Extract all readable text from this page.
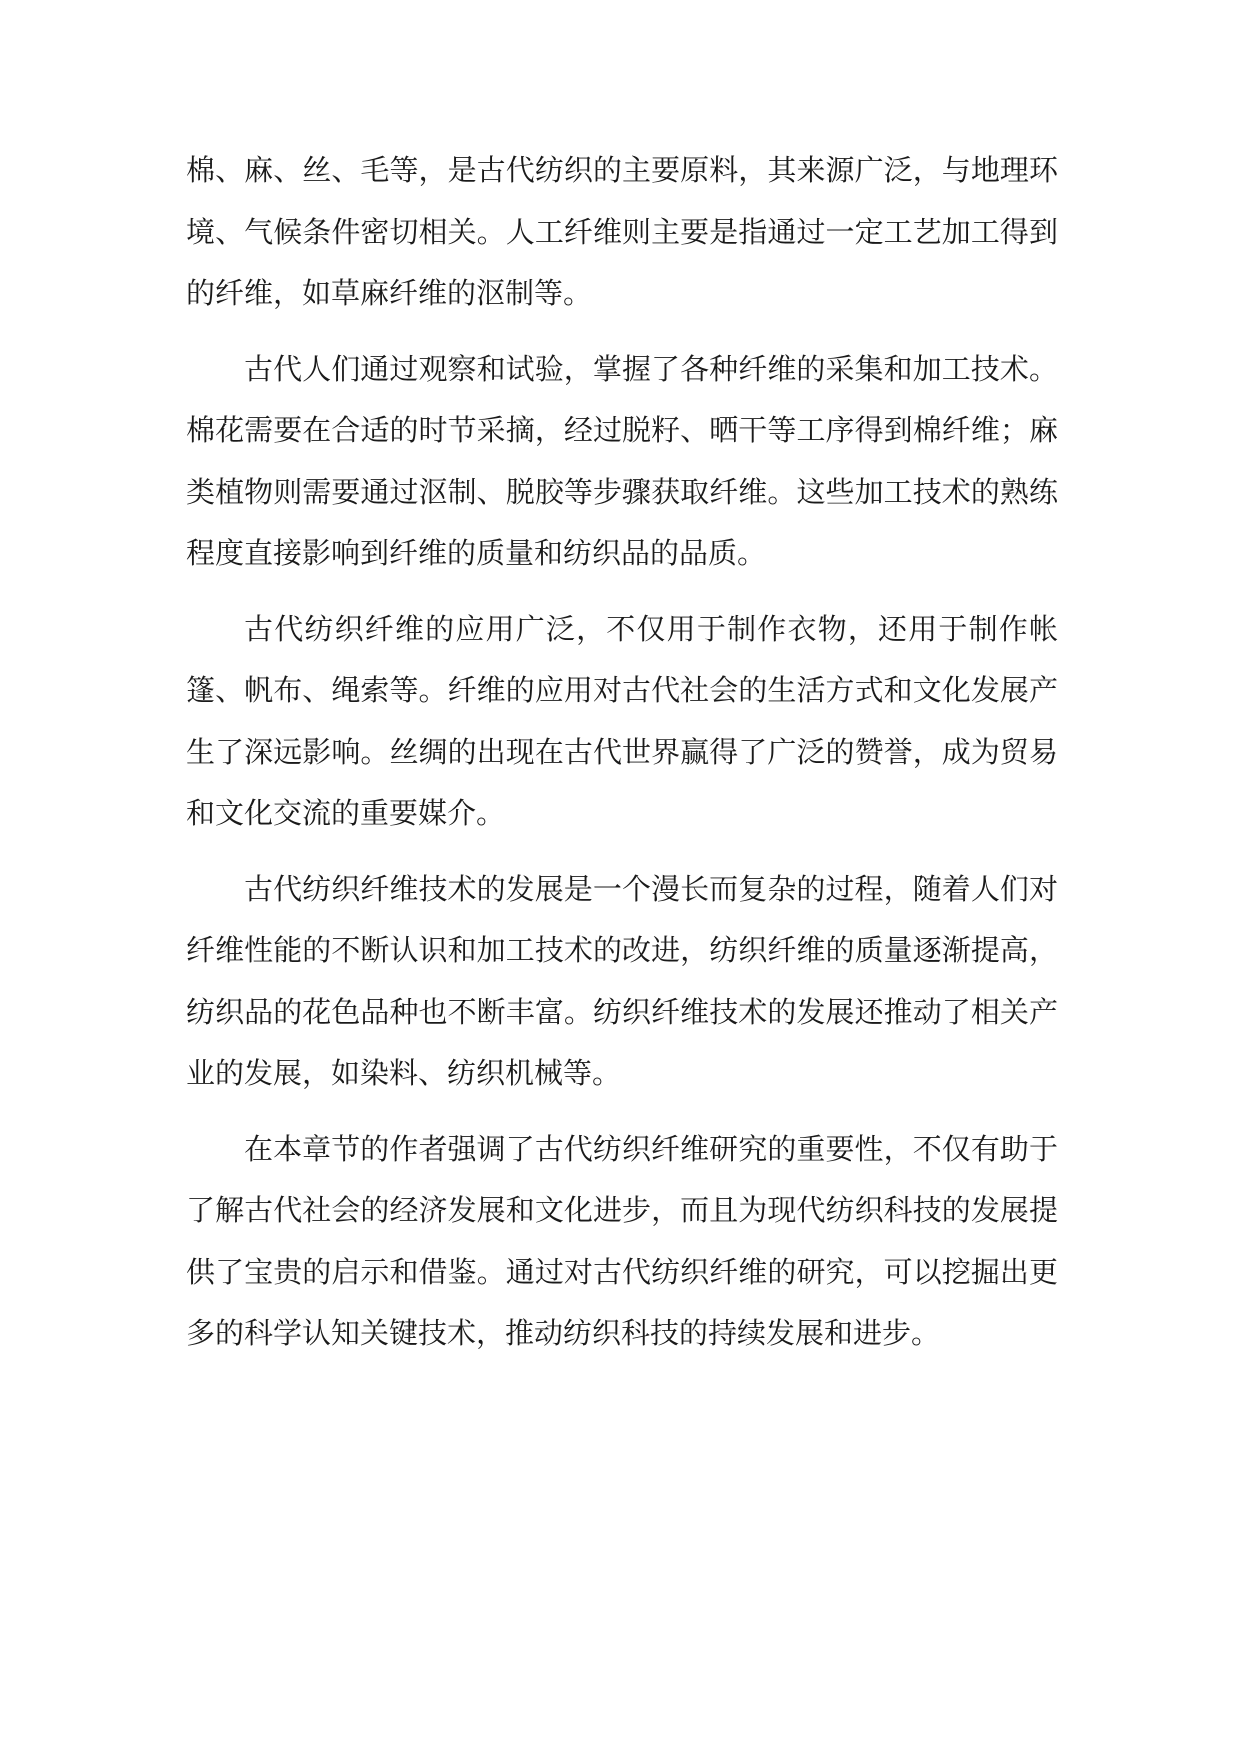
棉、麻、丝、毛等，是古代纺织的主要原料，其来源广泛，与地理环境、气候条件密切相关。人工纤维则主要是指通过一定工艺加工得到的纤维，如草麻纤维的沤制等。

古代人们通过观察和试验，掌握了各种纤维的采集和加工技术。棉花需要在合适的时节采摘，经过脱籽、晒干等工序得到棉纤维；麻类植物则需要通过沤制、脱胶等步骤获取纤维。这些加工技术的熟练程度直接影响到纤维的质量和纺织品的品质。

古代纺织纤维的应用广泛，不仅用于制作衣物，还用于制作帐篷、帆布、绳索等。纤维的应用对古代社会的生活方式和文化发展产生了深远影响。丝绸的出现在古代世界赢得了广泛的赞誉，成为贸易和文化交流的重要媒介。

古代纺织纤维技术的发展是一个漫长而复杂的过程，随着人们对纤维性能的不断认识和加工技术的改进，纺织纤维的质量逐渐提高，纺织品的花色品种也不断丰富。纺织纤维技术的发展还推动了相关产业的发展，如染料、纺织机械等。

在本章节的作者强调了古代纺织纤维研究的重要性，不仅有助于了解古代社会的经济发展和文化进步，而且为现代纺织科技的发展提供了宝贵的启示和借鉴。通过对古代纺织纤维的研究，可以挖掘出更多的科学认知关键技术，推动纺织科技的持续发展和进步。
